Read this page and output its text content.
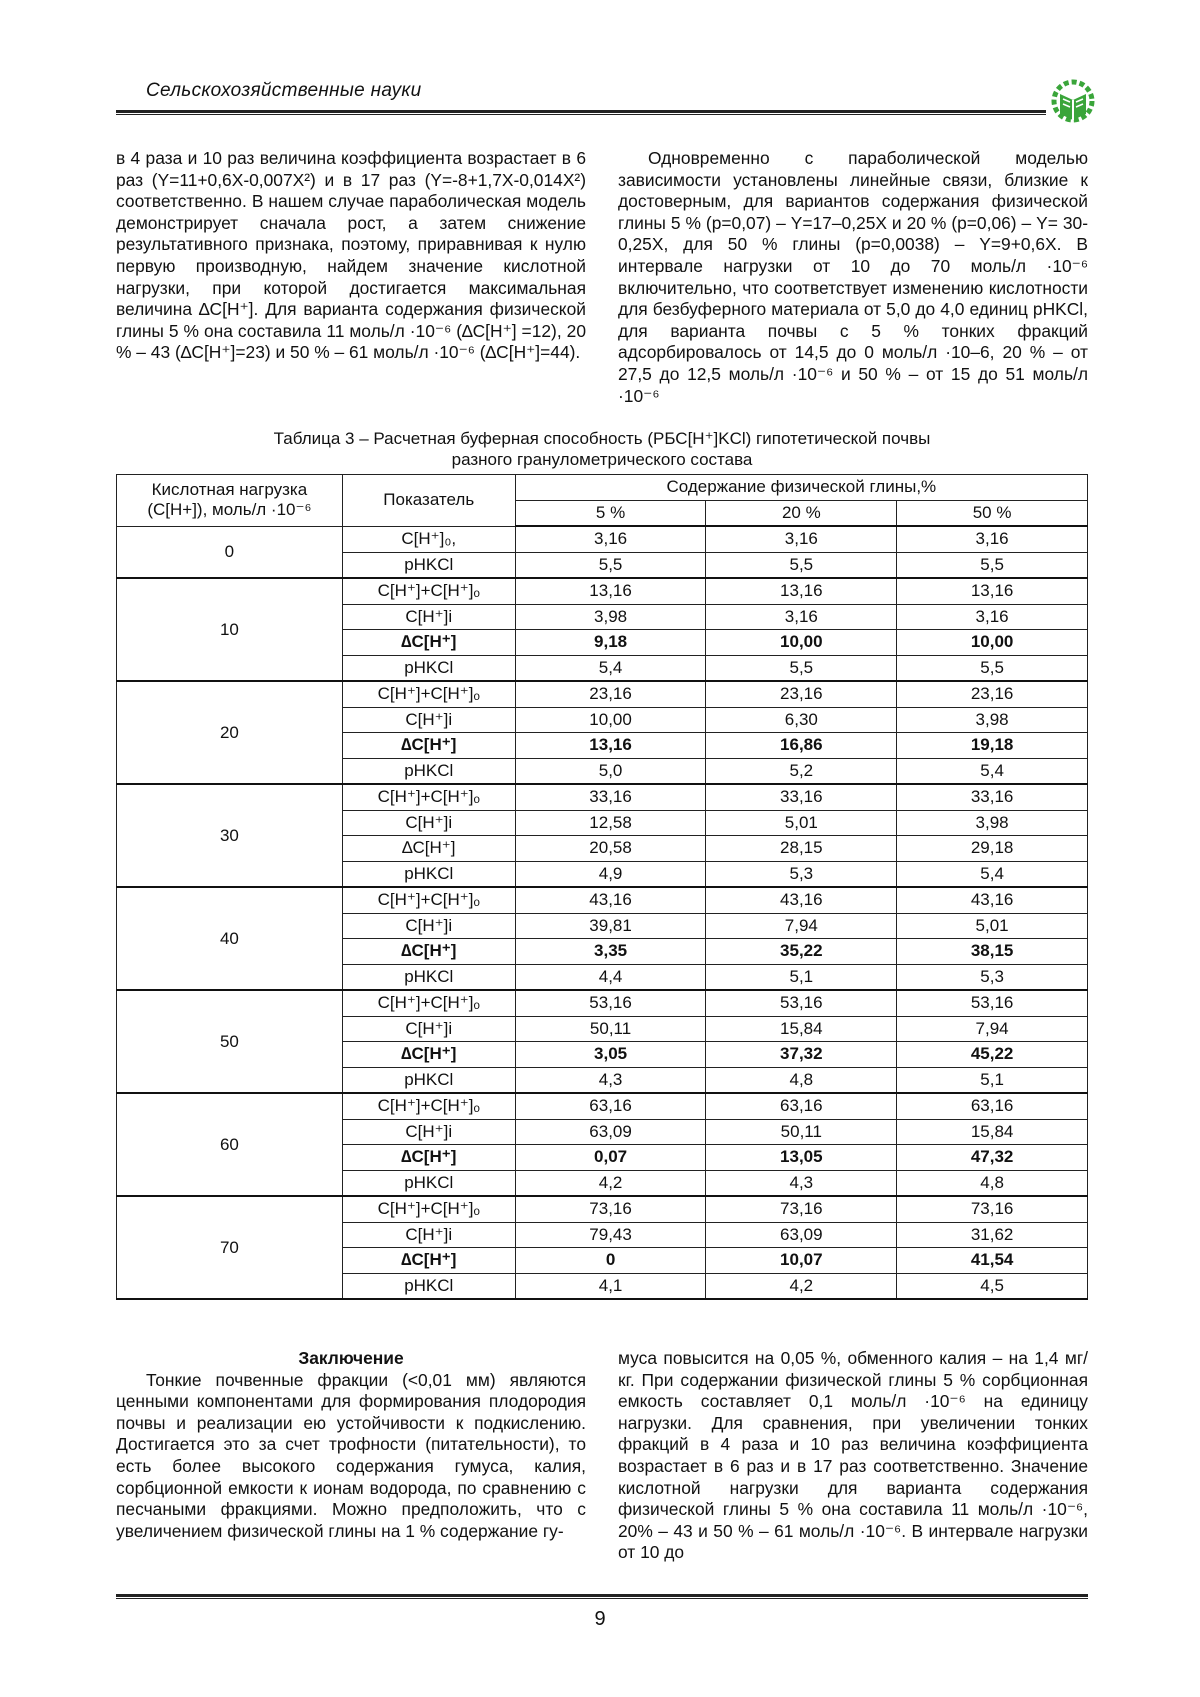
Сельскохозяйственные науки

в 4 раза и 10 раз величина коэффициента возрастает в 6 раз (Y=11+0,6X-0,007X²) и в 17 раз (Y=-8+1,7X-0,014X²) соответственно. В нашем случае параболическая модель демонстрирует сначала рост, а затем снижение результативного признака, поэтому, приравнивая к нулю первую производную, найдем значение кислотной нагрузки, при которой достигается максимальная величина ∆C[H⁺]. Для варианта содержания физической глины 5 % она составила 11 моль/л ·10⁻⁶ (∆C[H⁺] =12), 20 % – 43 (∆C[H⁺]=23) и 50 % – 61 моль/л ·10⁻⁶ (∆C[H⁺]=44).

Одновременно с параболической моделью зависимости установлены линейные связи, близкие к достоверным, для вариантов содержания физической глины 5 % (p=0,07) – Y=17–0,25X и 20 % (p=0,06) – Y= 30-0,25X, для 50 % глины (p=0,0038) – Y=9+0,6X. В интервале нагрузки от 10 до 70 моль/л ·10⁻⁶ включительно, что соответствует изменению кислотности для безбуферного материала от 5,0 до 4,0 единиц pHKCl, для варианта почвы с 5 % тонких фракций адсорбировалось от 14,5 до 0 моль/л ·10–6, 20 % – от 27,5 до 12,5 моль/л ·10⁻⁶ и 50 % – от 15 до 51 моль/л ·10⁻⁶

Таблица 3 – Расчетная буферная способность (РБС[H⁺]KCl) гипотетической почвы
разного гранулометрического состава
Кислотная нагрузка (C[H+]), моль/л ·10⁻⁶	Показатель	Содержание физической глины,%		
		5 %	20 %	50 %
0	C[H⁺]₀,	3,16	3,16	3,16
	pHKCl	5,5	5,5	5,5
10	C[H⁺]+C[H⁺]ₒ	13,16	13,16	13,16
	C[H⁺]i	3,98	3,16	3,16
	∆C[H⁺]	9,18	10,00	10,00
	pHKCl	5,4	5,5	5,5
20	C[H⁺]+C[H⁺]ₒ	23,16	23,16	23,16
	C[H⁺]i	10,00	6,30	3,98
	∆C[H⁺]	13,16	16,86	19,18
	pHKCl	5,0	5,2	5,4
30	C[H⁺]+C[H⁺]ₒ	33,16	33,16	33,16
	C[H⁺]i	12,58	5,01	3,98
	∆C[H⁺]	20,58	28,15	29,18
	pHKCl	4,9	5,3	5,4
40	C[H⁺]+C[H⁺]ₒ	43,16	43,16	43,16
	C[H⁺]i	39,81	7,94	5,01
	∆C[H⁺]	3,35	35,22	38,15
	pHKCl	4,4	5,1	5,3
50	C[H⁺]+C[H⁺]ₒ	53,16	53,16	53,16
	C[H⁺]i	50,11	15,84	7,94
	∆C[H⁺]	3,05	37,32	45,22
	pHKCl	4,3	4,8	5,1
60	C[H⁺]+C[H⁺]ₒ	63,16	63,16	63,16
	C[H⁺]i	63,09	50,11	15,84
	∆C[H⁺]	0,07	13,05	47,32
	pHKCl	4,2	4,3	4,8
70	C[H⁺]+C[H⁺]ₒ	73,16	73,16	73,16
	C[H⁺]i	79,43	63,09	31,62
	∆C[H⁺]	0	10,07	41,54
	pHKCl	4,1	4,2	4,5

Заключение

Тонкие почвенные фракции (<0,01 мм) являются ценными компонентами для формирования плодородия почвы и реализации ею устойчивости к подкислению. Достигается это за счет трофности (питательности), то есть более высокого содержания гумуса, калия, сорбционной емкости к ионам водорода, по сравнению с песчаными фракциями. Можно предположить, что с увеличением физической глины на 1 % содержание гу-

муса повысится на 0,05 %, обменного калия – на 1,4 мг/кг. При содержании физической глины 5 % сорбционная емкость составляет 0,1 моль/л ·10⁻⁶ на единицу нагрузки. Для сравнения, при увеличении тонких фракций в 4 раза и 10 раз величина коэффициента возрастает в 6 раз и в 17 раз соответственно. Значение кислотной нагрузки для варианта содержания физической глины 5 % она составила 11 моль/л ·10⁻⁶, 20% – 43 и 50 % – 61 моль/л ·10⁻⁶. В интервале нагрузки от 10 до

9
